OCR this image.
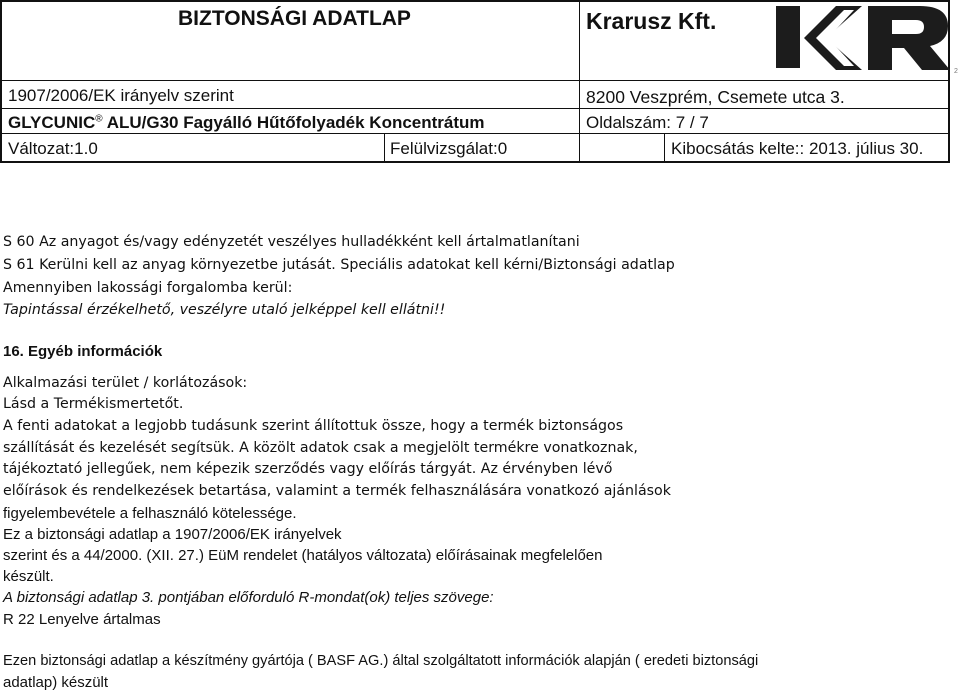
BIZTONSÁGI ADATLAP	Krarusz Kft.
2
1907/2006/EK irányelv szerint	8200 Veszprém, Csemete utca 3.
GLYCUNIC® ALU/G30 Fagyálló Hűtőfolyadék Koncentrátum	Oldalszám: 7 / 7
Változat:1.0	Felülvizsgálat:0	Kibocsátás kelte:: 2013. július 30.
S 60 Az anyagot és/vagy edényzetét veszélyes hulladékként kell ártalmatlanítani
S 61 Kerülni kell az anyag környezetbe jutását. Speciális adatokat kell kérni/Biztonsági adatlap
Amennyiben lakossági forgalomba kerül:
Tapintással érzékelhető, veszélyre utaló jelképpel kell ellátni!!
16. Egyéb információk
Alkalmazási terület / korlátozások:
Lásd a Termékismertetőt.
A fenti adatokat a legjobb tudásunk szerint állítottuk össze, hogy a termék biztonságos
szállítását és kezelését segítsük. A közölt adatok csak a megjelölt termékre vonatkoznak,
tájékoztató jellegűek, nem képezik szerződés vagy előírás tárgyát. Az érvényben lévő
előírások és rendelkezések betartása, valamint a termék felhasználására vonatkozó ajánlások
figyelembevétele a felhasználó kötelessége.
Ez a biztonsági adatlap a 1907/2006/EK irányelvek
szerint és a 44/2000. (XII. 27.) EüM rendelet (hatályos változata) előírásainak megfelelően
készült.
A biztonsági adatlap 3. pontjában előforduló R-mondat(ok) teljes szövege:
R 22 Lenyelve ártalmas
Ezen biztonsági adatlap a készítmény gyártója ( BASF AG.) által szolgáltatott információk alapján ( eredeti biztonsági
adatlap) készült
